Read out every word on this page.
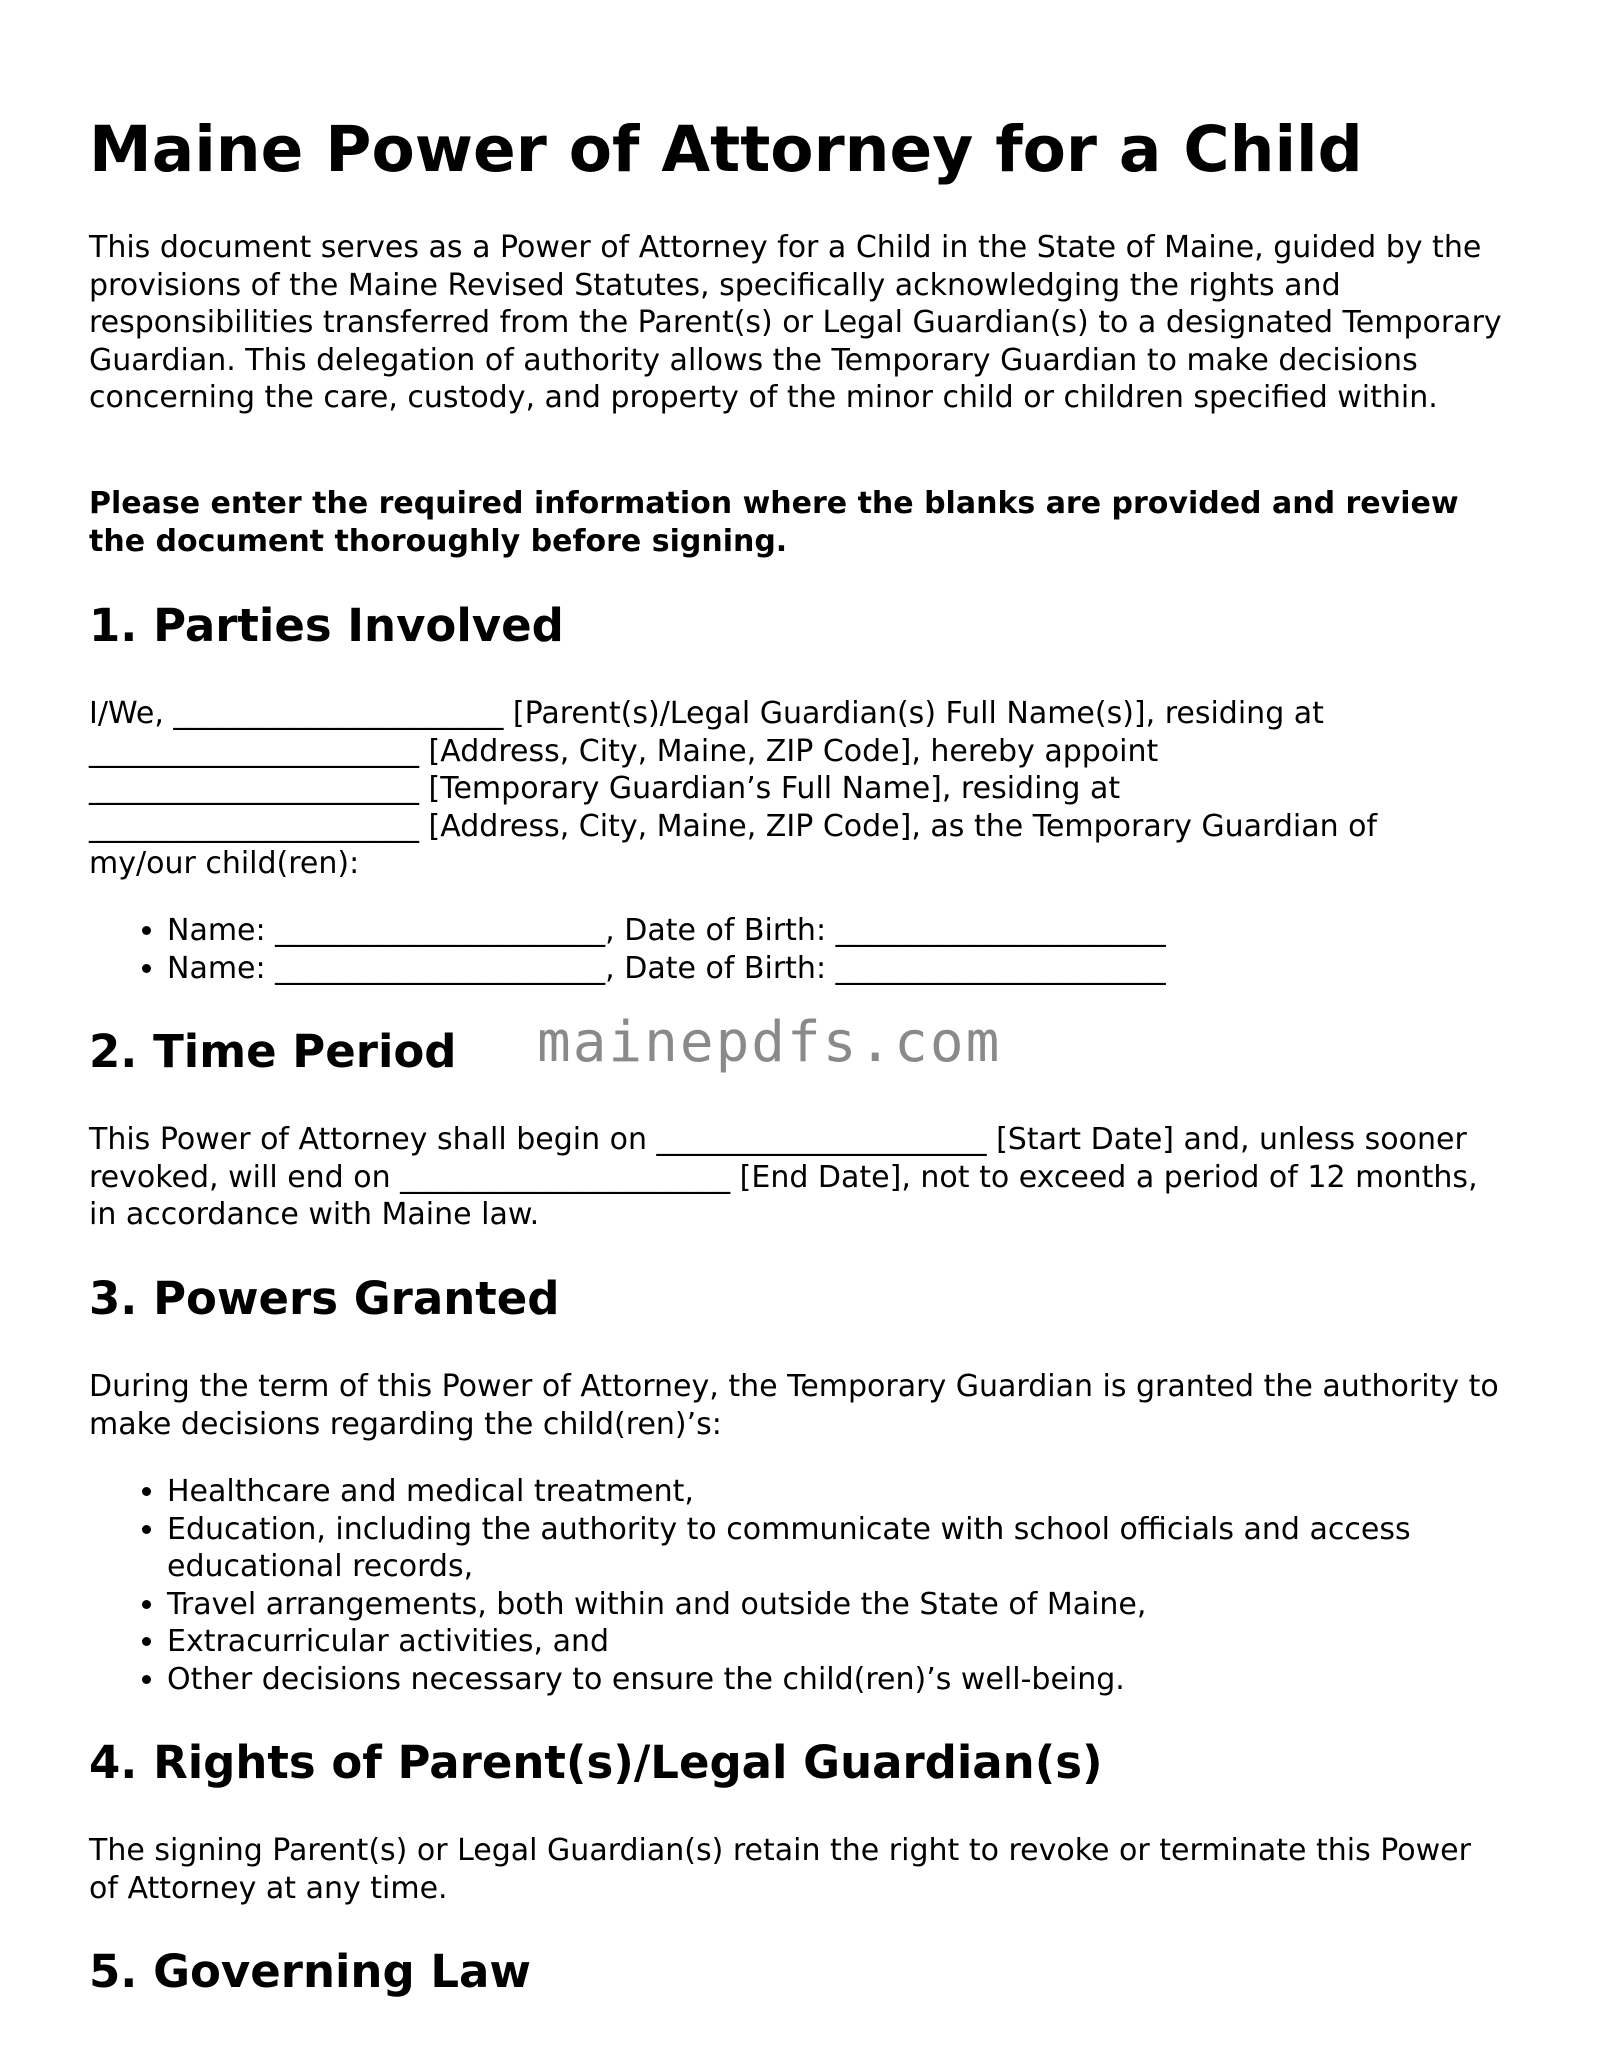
Maine Power of Attorney for a Child

This document serves as a Power of Attorney for a Child in the State of Maine, guided by the provisions of the Maine Revised Statutes, specifically acknowledging the rights and responsibilities transferred from the Parent(s) or Legal Guardian(s) to a designated Temporary Guardian. This delegation of authority allows the Temporary Guardian to make decisions concerning the care, custody, and property of the minor child or children specified within.

Please enter the required information where the blanks are provided and review the document thoroughly before signing.

1. Parties Involved

I/We, ______________________ [Parent(s)/Legal Guardian(s) Full Name(s)], residing at

______________________ [Address, City, Maine, ZIP Code], hereby appoint

______________________ [Temporary Guardian’s Full Name], residing at

______________________ [Address, City, Maine, ZIP Code], as the Temporary Guardian of

my/our child(ren):

• Name: ______________________, Date of Birth: ______________________
• Name: ______________________, Date of Birth: ______________________
2. Time Period

This Power of Attorney shall begin on ______________________ [Start Date] and, unless sooner revoked, will end on ______________________ [End Date], not to exceed a period of 12 months, in accordance with Maine law.

3. Powers Granted

During the term of this Power of Attorney, the Temporary Guardian is granted the authority to make decisions regarding the child(ren)’s:

• Healthcare and medical treatment,
• Education, including the authority to communicate with school officials and access educational records,
• Travel arrangements, both within and outside the State of Maine,
• Extracurricular activities, and
• Other decisions necessary to ensure the child(ren)’s well-being.
4. Rights of Parent(s)/Legal Guardian(s)

The signing Parent(s) or Legal Guardian(s) retain the right to revoke or terminate this Power of Attorney at any time.

5. Governing Law
mainepdfs.com
